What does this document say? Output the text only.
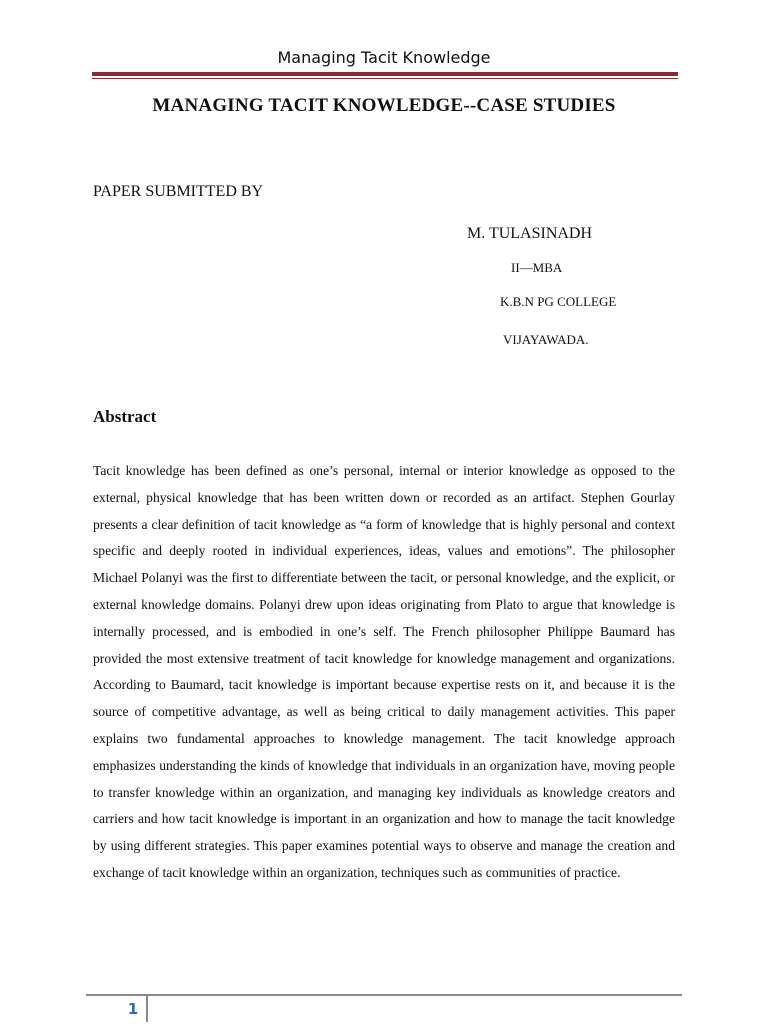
Managing Tacit Knowledge
MANAGING TACIT KNOWLEDGE--CASE STUDIES
PAPER SUBMITTED BY
M. TULASINADH
II—MBA
K.B.N PG COLLEGE
VIJAYAWADA.
Abstract
Tacit knowledge has been defined as one’s personal, internal or interior knowledge as opposed to the external, physical knowledge that has been written down or recorded as an artifact. Stephen Gourlay presents a clear definition of tacit knowledge as “a form of knowledge that is highly personal and context specific and deeply rooted in individual experiences, ideas, values and emotions”. The philosopher Michael Polanyi was the first to differentiate between the tacit, or personal knowledge, and the explicit, or external knowledge domains. Polanyi drew upon ideas originating from Plato to argue that knowledge is internally processed, and is embodied in one’s self. The French philosopher Philippe Baumard has provided the most extensive treatment of tacit knowledge for knowledge management and organizations. According to Baumard, tacit knowledge is important because expertise rests on it, and because it is the source of competitive advantage, as well as being critical to daily management activities. This paper explains two fundamental approaches to knowledge management. The tacit knowledge approach emphasizes understanding the kinds of knowledge that individuals in an organization have, moving people to transfer knowledge within an organization, and managing key individuals as knowledge creators and carriers and how tacit knowledge is important in an organization and how to manage the tacit knowledge by using different strategies. This paper examines potential ways to observe and manage the creation and exchange of tacit knowledge within an organization, techniques such as communities of practice.
1
